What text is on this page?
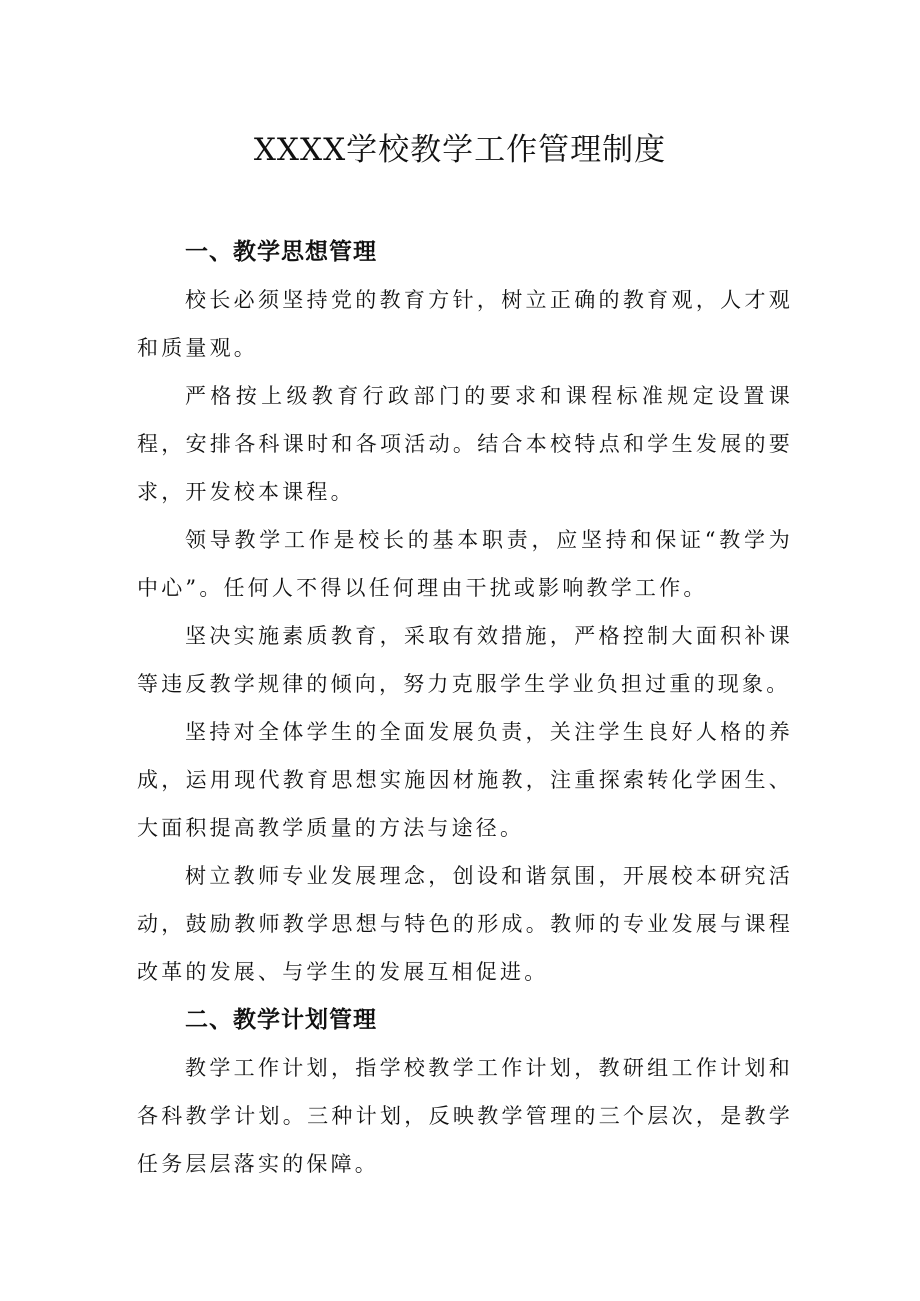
XXXX学校教学工作管理制度
一、教学思想管理

校长必须坚持党的教育方针，树立正确的教育观，人才观和质量观。

严格按上级教育行政部门的要求和课程标准规定设置课程，安排各科课时和各项活动。结合本校特点和学生发展的要求，开发校本课程。

领导教学工作是校长的基本职责，应坚持和保证“教学为中心”。任何人不得以任何理由干扰或影响教学工作。

坚决实施素质教育，采取有效措施，严格控制大面积补课等违反教学规律的倾向，努力克服学生学业负担过重的现象。

坚持对全体学生的全面发展负责，关注学生良好人格的养成，运用现代教育思想实施因材施教，注重探索转化学困生、大面积提高教学质量的方法与途径。

树立教师专业发展理念，创设和谐氛围，开展校本研究活动，鼓励教师教学思想与特色的形成。教师的专业发展与课程改革的发展、与学生的发展互相促进。

二、教学计划管理

教学工作计划，指学校教学工作计划，教研组工作计划和各科教学计划。三种计划，反映教学管理的三个层次，是教学任务层层落实的保障。
